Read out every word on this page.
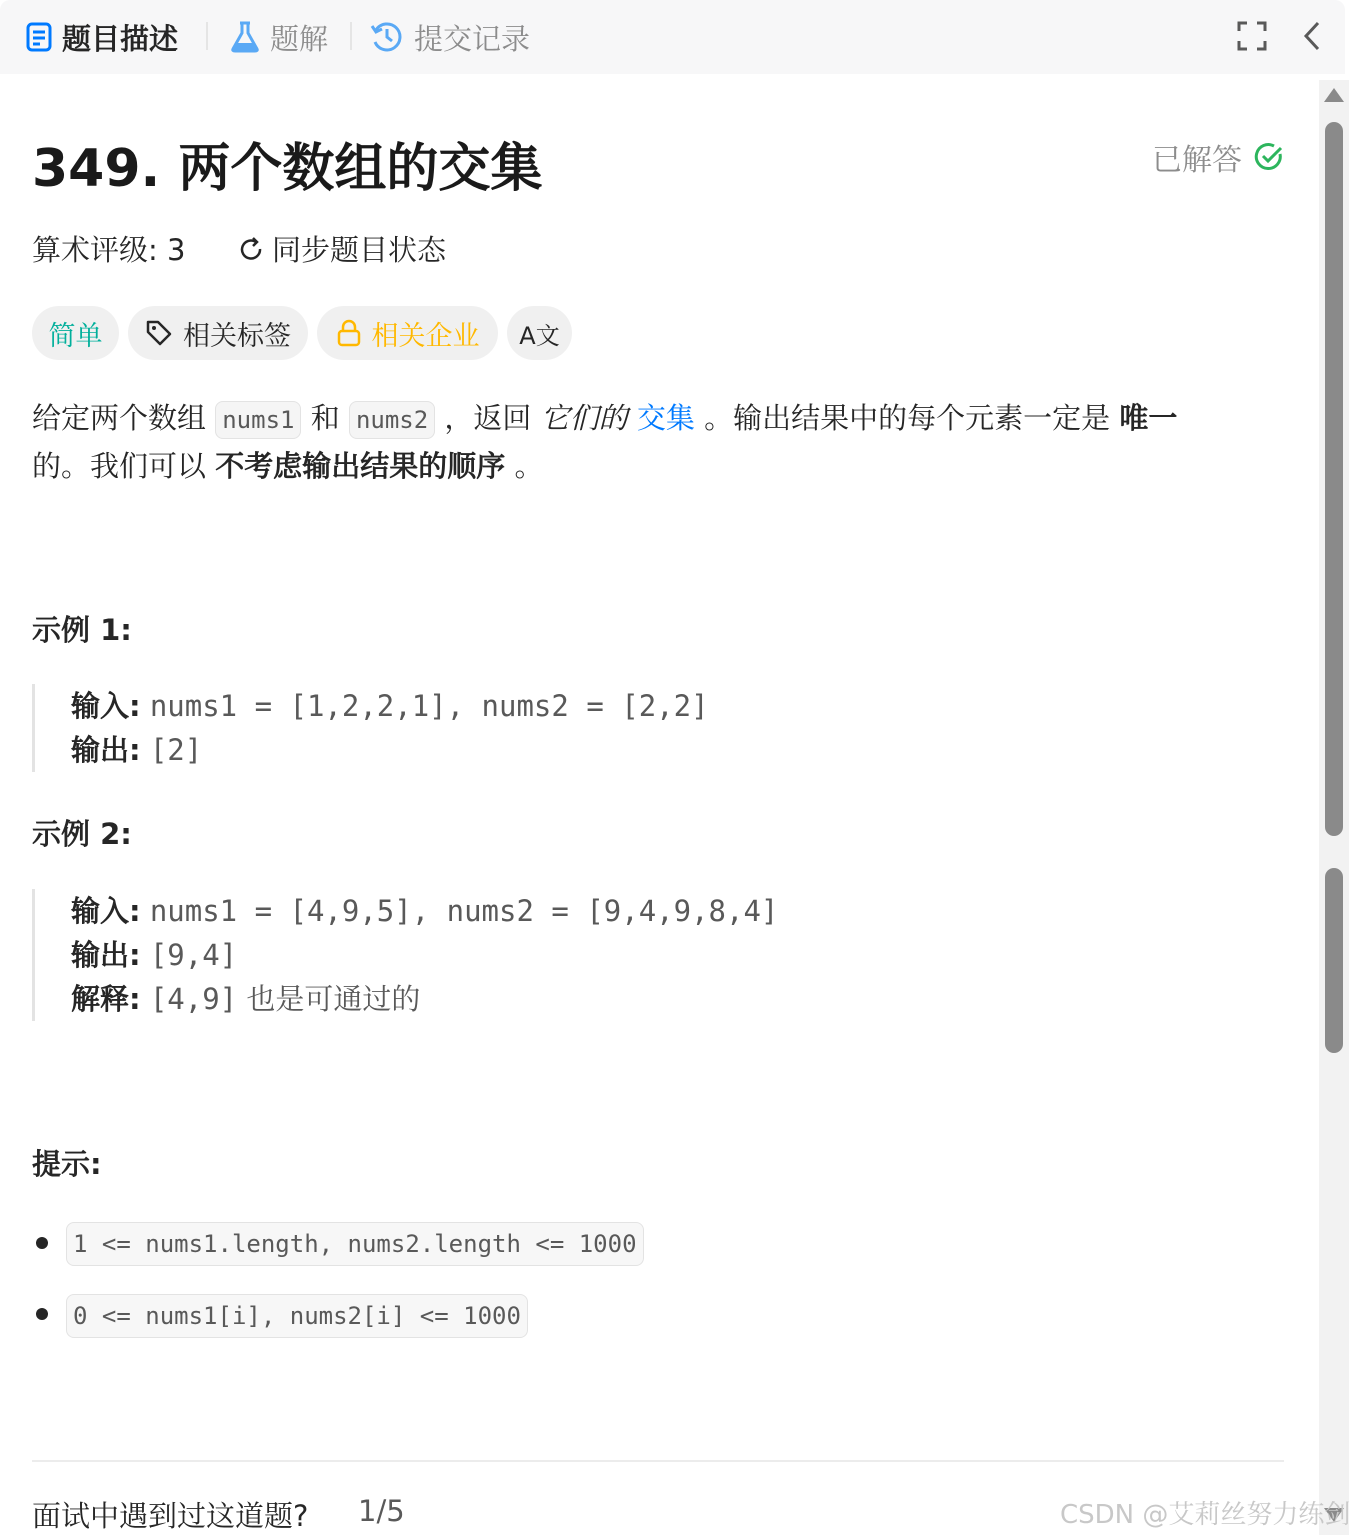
题目描述	题解	提交记录
349. 两个数组的交集	已解答
算术评级: 3	同步题目状态
简单	相关标签	相关企业 A文
给定两个数组 nums1 和 nums2 ，返回 它们的 交集 。输出结果中的每个元素一定是 唯一
的。我们可以 不考虑输出结果的顺序 。
示例 1:
输入: nums1 = [1,2,2,1], nums2 = [2,2]
输出: [2]
示例 2:
输入: nums1 = [4,9,5], nums2 = [9,4,9,8,4]
输出: [9,4]
解释: [4,9] 也是可通过的
提示:
1 <= nums1.length, nums2.length <= 1000
0 <= nums1[i], nums2[i] <= 1000
面试中遇到过这道题? 1/5	CSDN @艾莉丝努力练剑
